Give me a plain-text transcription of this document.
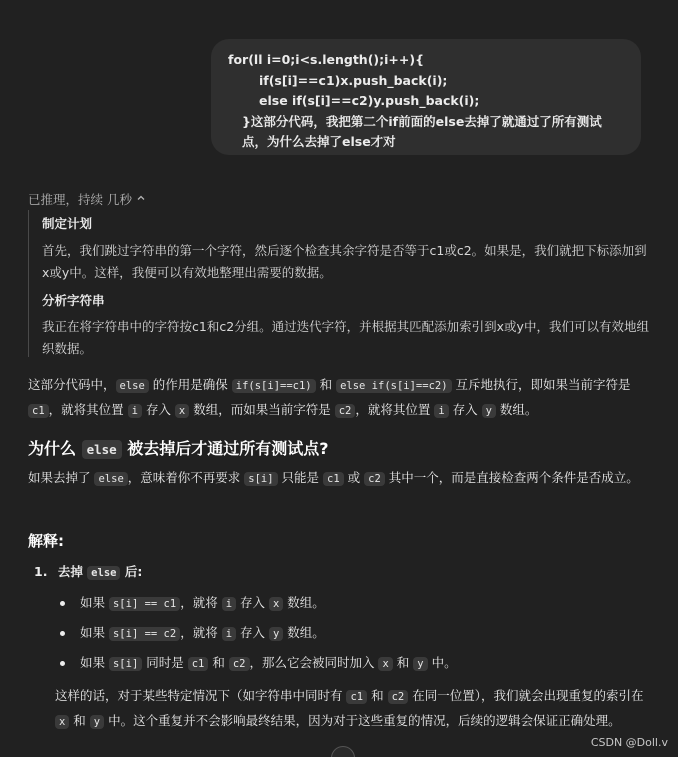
for(ll i=0;i<s.length();i++){
if(s[i]==c1)x.push_back(i);
else if(s[i]==c2)y.push_back(i);
}这部分代码，我把第二个if前面的else去掉了就通过了所有测试点，为什么去掉了else才对
已推理，持续 几秒
制定计划

首先，我们跳过字符串的第一个字符，然后逐个检查其余字符是否等于c1或c2。如果是，我们就把下标添加到x或y中。这样，我便可以有效地整理出需要的数据。

分析字符串

我正在将字符串中的字符按c1和c2分组。通过迭代字符，并根据其匹配添加索引到x或y中，我们可以有效地组织数据。

这部分代码中， else 的作用是确保 if(s[i]==c1) 和 else if(s[i]==c2) 互斥地执行，即如果当前字符是 c1 ，就将其位置 i 存入 x 数组，而如果当前字符是 c2 ，就将其位置 i 存入 y 数组。
为什么 else 被去掉后才通过所有测试点?
如果去掉了 else ，意味着你不再要求 s[i] 只能是 c1 或 c2 其中一个，而是直接检查两个条件是否成立。
解释:
1. 去掉 else 后:
如果 s[i] == c1 ，就将 i 存入 x 数组。
如果 s[i] == c2 ，就将 i 存入 y 数组。
如果 s[i] 同时是 c1 和 c2 ，那么它会被同时加入 x 和 y 中。
这样的话，对于某些特定情况下（如字符串中同时有 c1 和 c2 在同一位置），我们就会出现重复的索引在 x 和 y 中。这个重复并不会影响最终结果，因为对于这些重复的情况，后续的逻辑会保证正确处理。
CSDN @Doll.v
